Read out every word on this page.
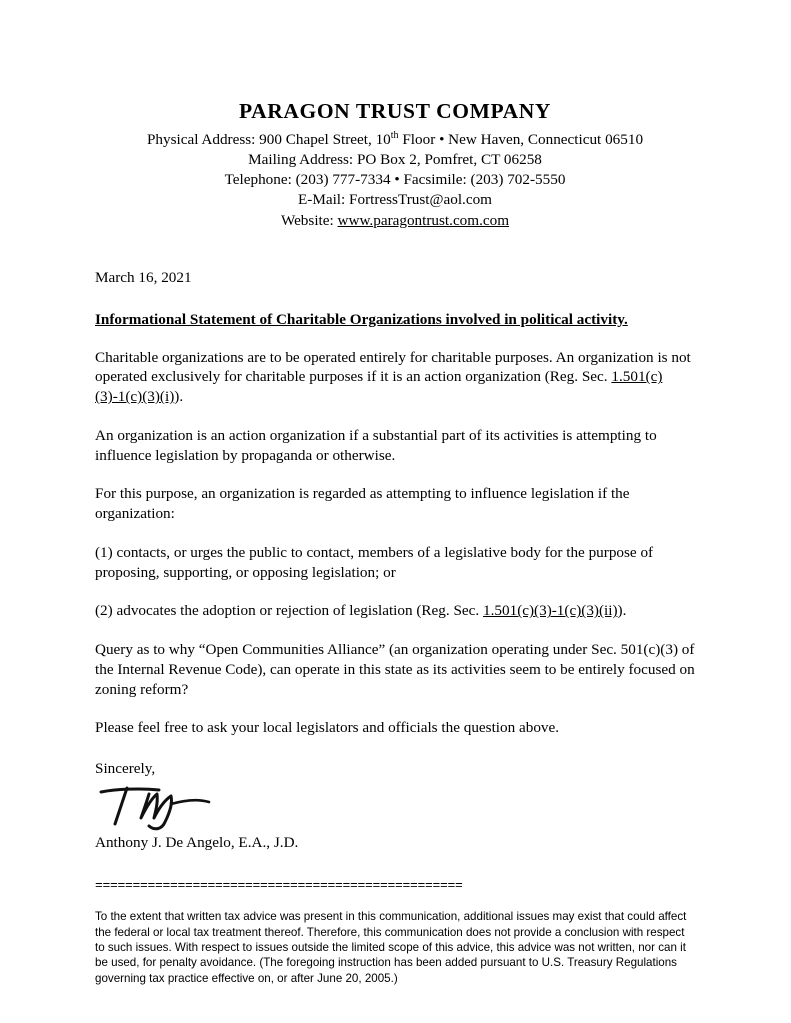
PARAGON TRUST COMPANY
Physical Address: 900 Chapel Street, 10th Floor • New Haven, Connecticut 06510
Mailing Address: PO Box 2, Pomfret, CT 06258
Telephone: (203) 777-7334 • Facsimile: (203) 702-5550
E-Mail: FortressTrust@aol.com
Website: www.paragontrust.com.com
March 16, 2021
Informational Statement of Charitable Organizations involved in political activity.

Charitable organizations are to be operated entirely for charitable purposes. An organization is not operated exclusively for charitable purposes if it is an action organization (Reg. Sec. 1.501(c)(3)-1(c)(3)(i)).

An organization is an action organization if a substantial part of its activities is attempting to influence legislation by propaganda or otherwise.

For this purpose, an organization is regarded as attempting to influence legislation if the organization:

(1) contacts, or urges the public to contact, members of a legislative body for the purpose of proposing, supporting, or opposing legislation; or

(2) advocates the adoption or rejection of legislation (Reg. Sec. 1.501(c)(3)-1(c)(3)(ii)).

Query as to why “Open Communities Alliance” (an organization operating under Sec. 501(c)(3) of the Internal Revenue Code), can operate in this state as its activities seem to be entirely focused on zoning reform?

Please feel free to ask your local legislators and officials the question above.

Sincerely,
Anthony J. De Angelo, E.A., J.D.
=================================================
To the extent that written tax advice was present in this communication, additional issues may exist that could affect the federal or local tax treatment thereof. Therefore, this communication does not provide a conclusion with respect to such issues. With respect to issues outside the limited scope of this advice, this advice was not written, nor can it be used, for penalty avoidance. (The foregoing instruction has been added pursuant to U.S. Treasury Regulations governing tax practice effective on, or after June 20, 2005.)
